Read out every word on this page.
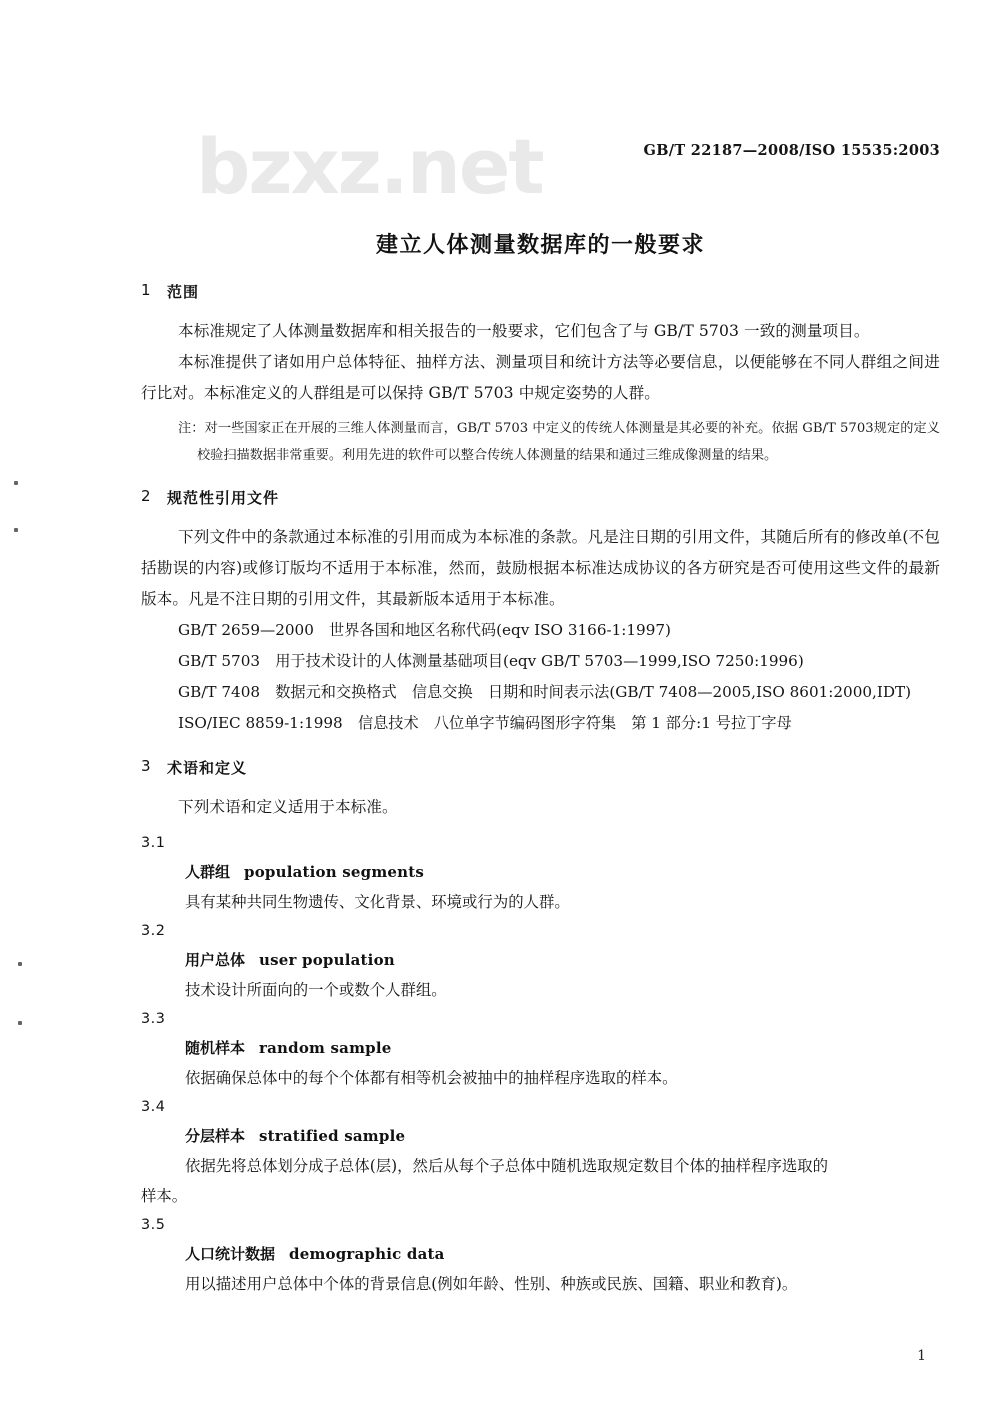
bzxz.net	GB/T 22187—2008/ISO 15535:2003
建立人体测量数据库的一般要求
1	范围

本标准规定了人体测量数据库和相关报告的一般要求，它们包含了与 GB/T 5703 一致的测量项目。

本标准提供了诸如用户总体特征、抽样方法、测量项目和统计方法等必要信息，以便能够在不同人群组之间进行比对。本标准定义的人群组是可以保持 GB/T 5703 中规定姿势的人群。

注：对一些国家正在开展的三维人体测量而言，GB/T 5703 中定义的传统人体测量是其必要的补充。依据 GB/T 5703规定的定义校验扫描数据非常重要。利用先进的软件可以整合传统人体测量的结果和通过三维成像测量的结果。

2	规范性引用文件

下列文件中的条款通过本标准的引用而成为本标准的条款。凡是注日期的引用文件，其随后所有的修改单(不包括勘误的内容)或修订版均不适用于本标准，然而，鼓励根据本标准达成协议的各方研究是否可使用这些文件的最新版本。凡是不注日期的引用文件，其最新版本适用于本标准。

GB/T 2659—2000　世界各国和地区名称代码(eqv ISO 3166-1:1997)

GB/T 5703　用于技术设计的人体测量基础项目(eqv GB/T 5703—1999,ISO 7250:1996)

GB/T 7408　数据元和交换格式　信息交换　日期和时间表示法(GB/T 7408—2005,ISO 8601:2000,IDT)

ISO/IEC 8859-1:1998　信息技术　八位单字节编码图形字符集　第 1 部分:1 号拉丁字母

3	术语和定义

下列术语和定义适用于本标准。

3.1

人群组 population segments

具有某种共同生物遗传、文化背景、环境或行为的人群。

3.2

用户总体 user population

技术设计所面向的一个或数个人群组。

3.3

随机样本 random sample

依据确保总体中的每个个体都有相等机会被抽中的抽样程序选取的样本。

3.4

分层样本 stratified sample

依据先将总体划分成子总体(层)，然后从每个子总体中随机选取规定数目个体的抽样程序选取的
样本。

3.5

人口统计数据 demographic data

用以描述用户总体中个体的背景信息(例如年龄、性别、种族或民族、国籍、职业和教育)。

1
